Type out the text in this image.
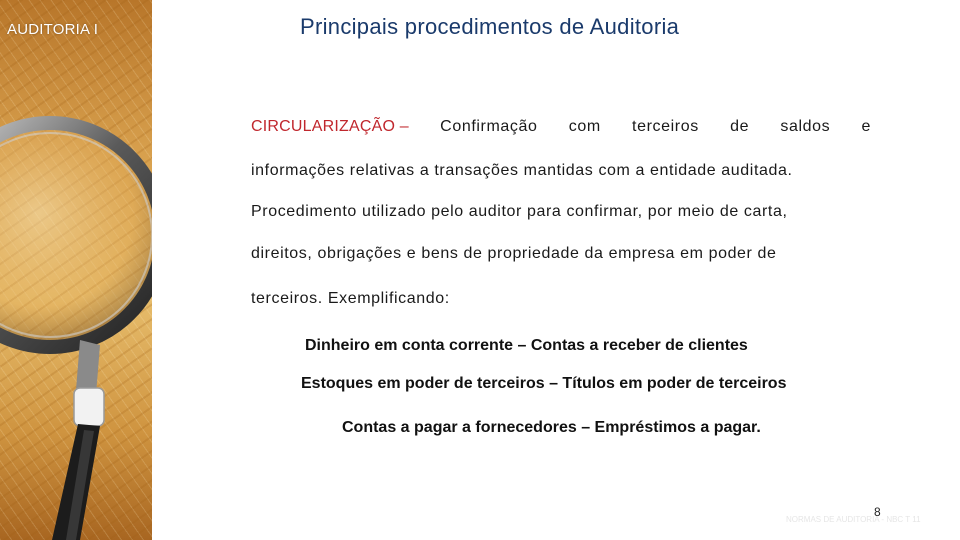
AUDITORIA I	Principais procedimentos de Auditoria
CIRCULARIZAÇÃO – Confirmação com terceiros de saldos e
informações relativas a transações mantidas com a entidade auditada.
Procedimento utilizado pelo auditor para confirmar, por meio de carta,
direitos, obrigações e bens de propriedade da empresa em poder de
terceiros. Exemplificando:
Dinheiro em conta corrente – Contas a receber de clientes
Estoques em poder de terceiros – Títulos em poder de terceiros
Contas a pagar a fornecedores – Empréstimos a pagar.
8
NORMAS DE AUDITORIA - NBC T 11
